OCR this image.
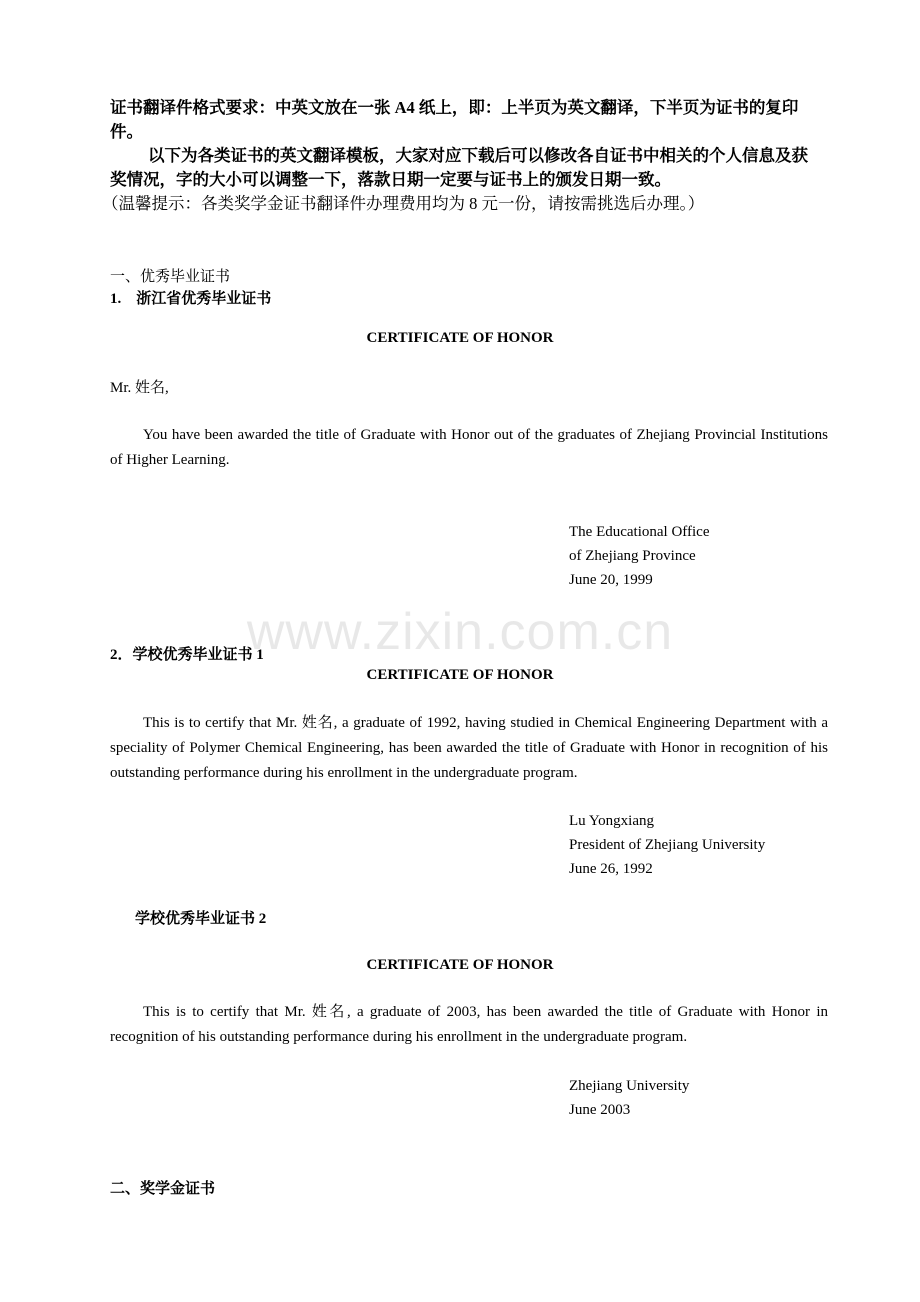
证书翻译件格式要求：中英文放在一张 A4 纸上，即：上半页为英文翻译，下半页为证书的复印件。
以下为各类证书的英文翻译模板，大家对应下载后可以修改各自证书中相关的个人信息及获奖情况，字的大小可以调整一下，落款日期一定要与证书上的颁发日期一致。
（温馨提示：各类奖学金证书翻译件办理费用均为 8 元一份，请按需挑选后办理。）
一、优秀毕业证书
1.　浙江省优秀毕业证书
CERTIFICATE OF HONOR
Mr. 姓名,
You have been awarded the title of Graduate with Honor out of the graduates of Zhejiang Provincial Institutions of Higher Learning.
The Educational Office
of Zhejiang Province
June 20, 1999
www.zixin.com.cn
2．学校优秀毕业证书 1
CERTIFICATE OF HONOR
This is to certify that Mr. 姓名, a graduate of 1992, having studied in Chemical Engineering Department with a speciality of Polymer Chemical Engineering, has been awarded the title of Graduate with Honor in recognition of his outstanding performance during his enrollment in the undergraduate program.
Lu Yongxiang
President of Zhejiang University
June 26, 1992
学校优秀毕业证书 2
CERTIFICATE OF HONOR
This is to certify that Mr. 姓名, a graduate of 2003, has been awarded the title of Graduate with Honor in recognition of his outstanding performance during his enrollment in the undergraduate program.
Zhejiang University
June 2003
二、奖学金证书
